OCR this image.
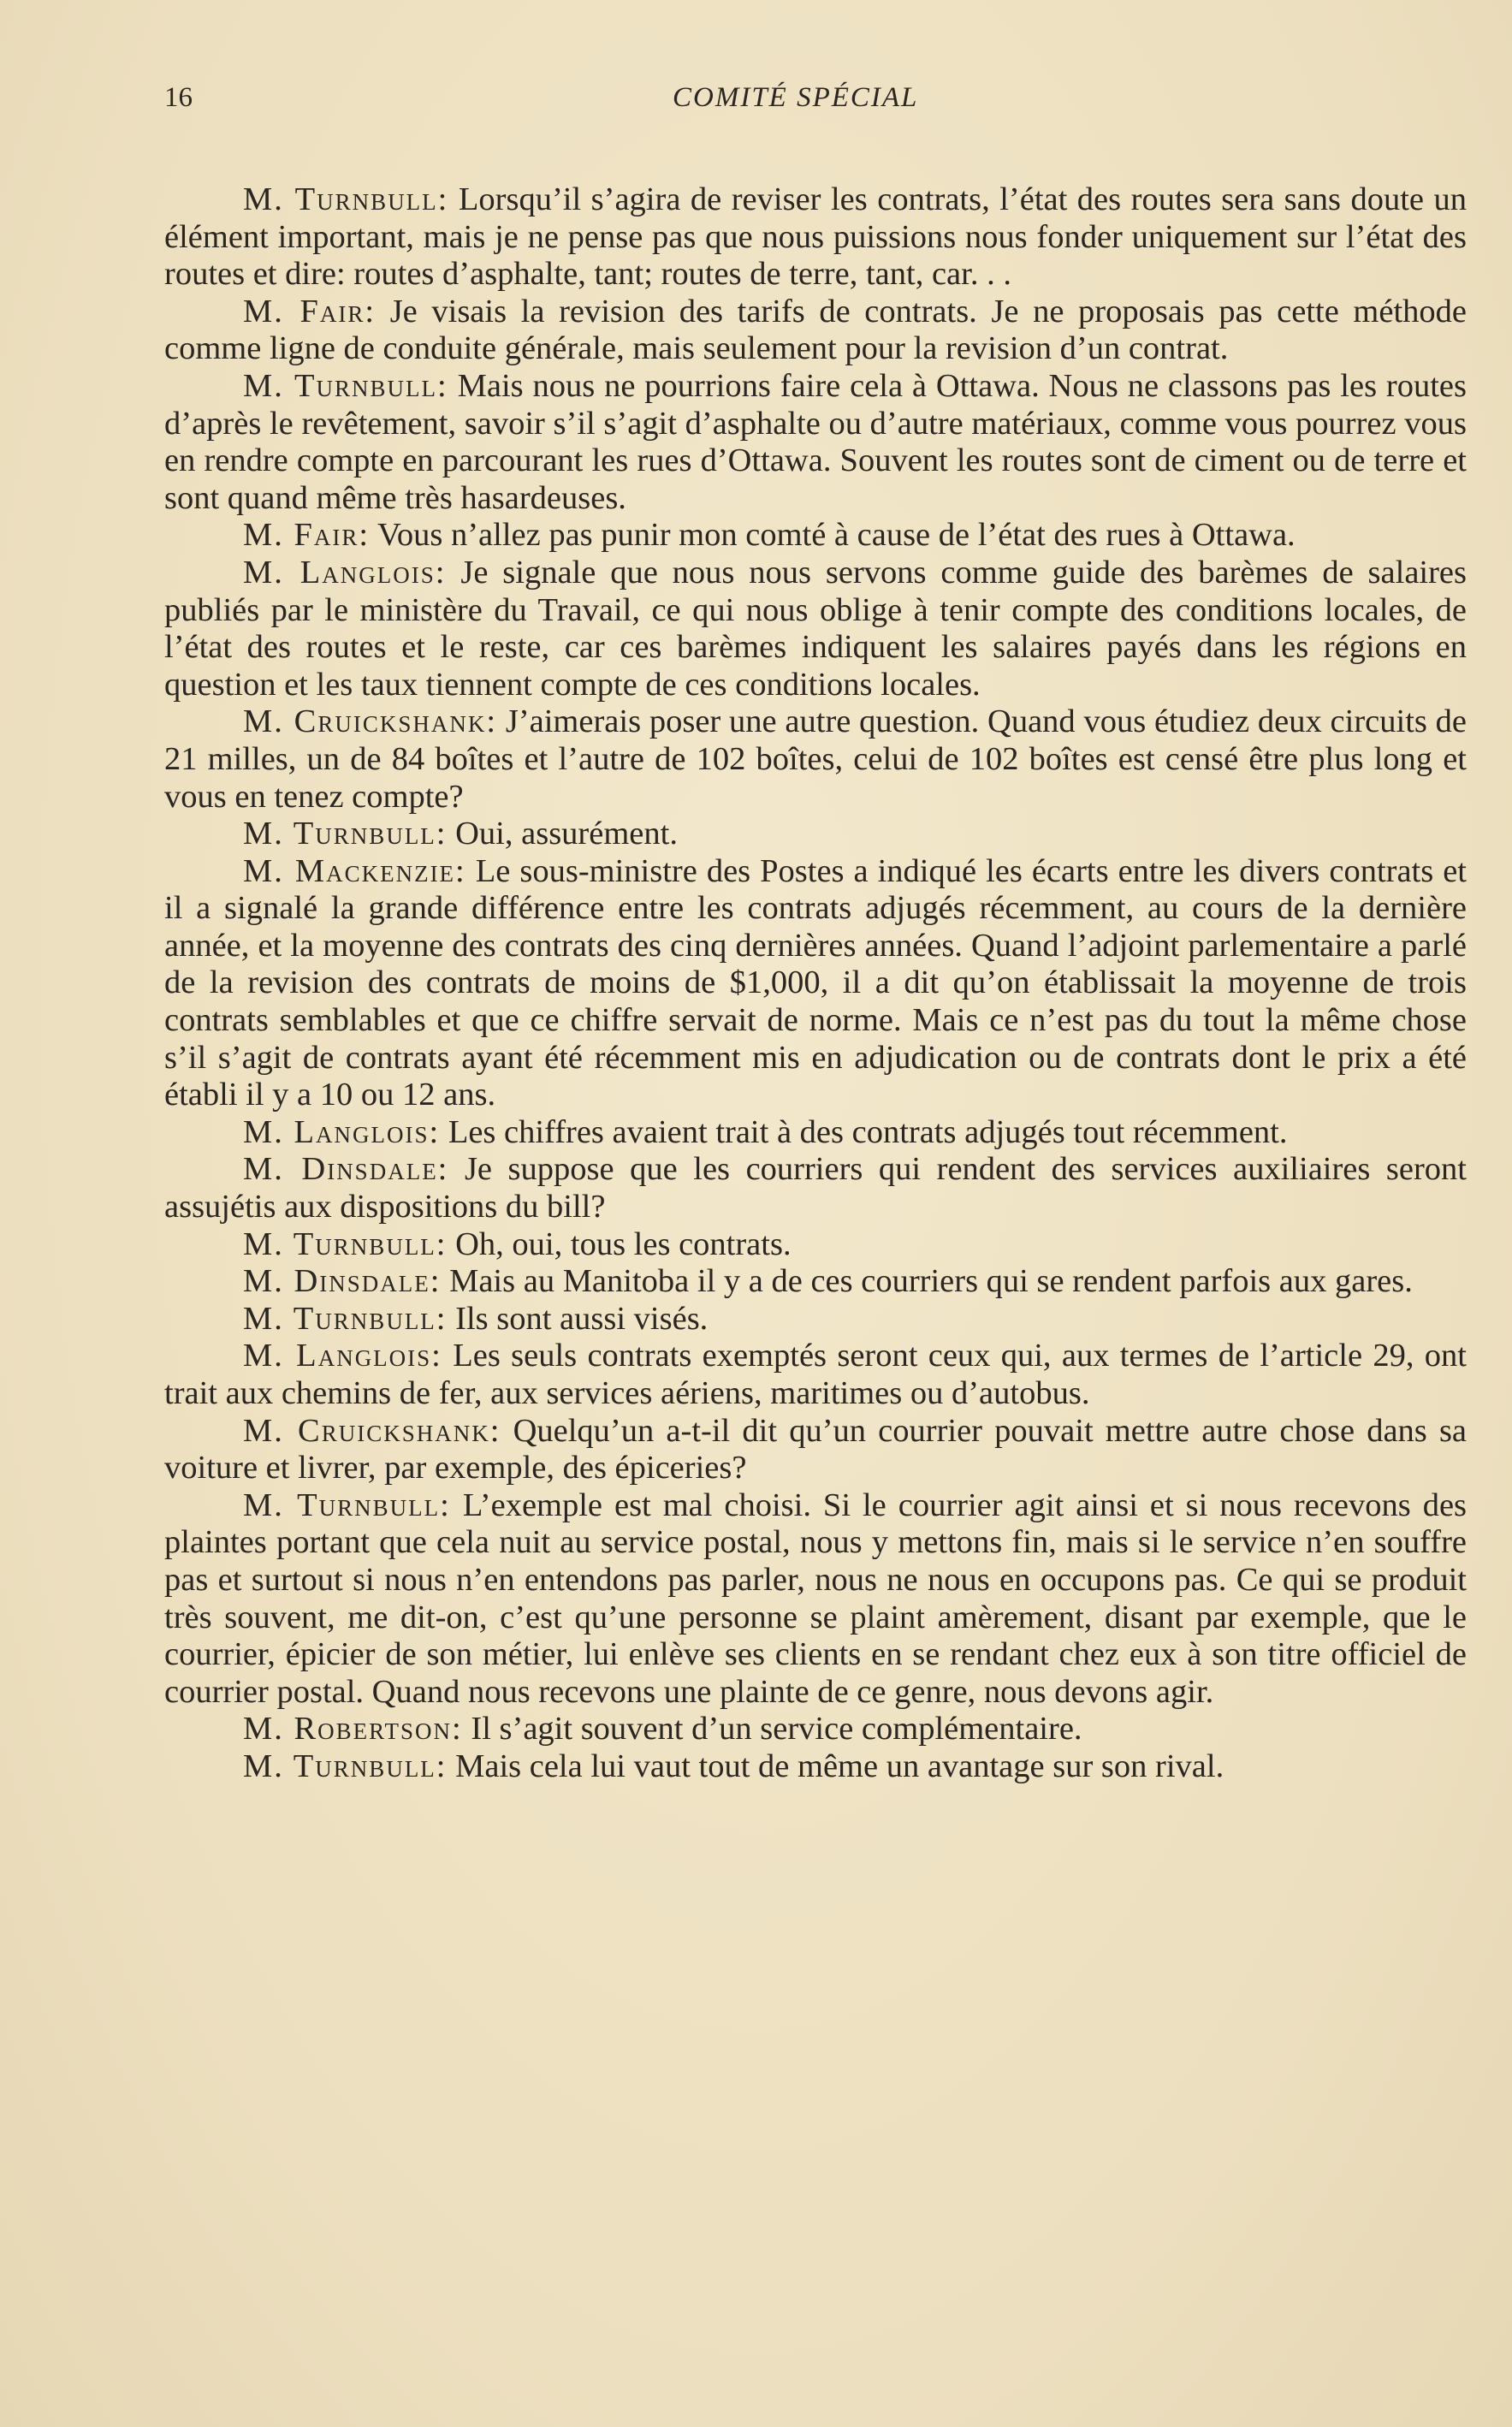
16	COMITÉ SPÉCIAL

M. Turnbull: Lorsqu’il s’agira de reviser les contrats, l’état des routes sera sans doute un élément important, mais je ne pense pas que nous puissions nous fonder uniquement sur l’état des routes et dire: routes d’asphalte, tant; routes de terre, tant, car. . .

M. Fair: Je visais la revision des tarifs de contrats. Je ne proposais pas cette méthode comme ligne de conduite générale, mais seulement pour la revision d’un contrat.

M. Turnbull: Mais nous ne pourrions faire cela à Ottawa. Nous ne classons pas les routes d’après le revêtement, savoir s’il s’agit d’asphalte ou d’autre matériaux, comme vous pourrez vous en rendre compte en parcourant les rues d’Ottawa. Souvent les routes sont de ciment ou de terre et sont quand même très hasardeuses.

M. Fair: Vous n’allez pas punir mon comté à cause de l’état des rues à Ottawa.

M. Langlois: Je signale que nous nous servons comme guide des barèmes de salaires publiés par le ministère du Travail, ce qui nous oblige à tenir compte des conditions locales, de l’état des routes et le reste, car ces barèmes indiquent les salaires payés dans les régions en question et les taux tiennent compte de ces conditions locales.

M. Cruickshank: J’aimerais poser une autre question. Quand vous étudiez deux circuits de 21 milles, un de 84 boîtes et l’autre de 102 boîtes, celui de 102 boîtes est censé être plus long et vous en tenez compte?

M. Turnbull: Oui, assurément.

M. Mackenzie: Le sous-ministre des Postes a indiqué les écarts entre les divers contrats et il a signalé la grande différence entre les contrats adjugés récemment, au cours de la dernière année, et la moyenne des contrats des cinq dernières années. Quand l’adjoint parlementaire a parlé de la revision des contrats de moins de $1,000, il a dit qu’on établissait la moyenne de trois contrats semblables et que ce chiffre servait de norme. Mais ce n’est pas du tout la même chose s’il s’agit de contrats ayant été récemment mis en adjudication ou de contrats dont le prix a été établi il y a 10 ou 12 ans.

M. Langlois: Les chiffres avaient trait à des contrats adjugés tout récemment.

M. Dinsdale: Je suppose que les courriers qui rendent des services auxiliaires seront assujétis aux dispositions du bill?

M. Turnbull: Oh, oui, tous les contrats.

M. Dinsdale: Mais au Manitoba il y a de ces courriers qui se rendent parfois aux gares.

M. Turnbull: Ils sont aussi visés.

M. Langlois: Les seuls contrats exemptés seront ceux qui, aux termes de l’article 29, ont trait aux chemins de fer, aux services aériens, maritimes ou d’autobus.

M. Cruickshank: Quelqu’un a-t-il dit qu’un courrier pouvait mettre autre chose dans sa voiture et livrer, par exemple, des épiceries?

M. Turnbull: L’exemple est mal choisi. Si le courrier agit ainsi et si nous recevons des plaintes portant que cela nuit au service postal, nous y mettons fin, mais si le service n’en souffre pas et surtout si nous n’en entendons pas parler, nous ne nous en occupons pas. Ce qui se produit très souvent, me dit-on, c’est qu’une personne se plaint amèrement, disant par exemple, que le courrier, épicier de son métier, lui enlève ses clients en se rendant chez eux à son titre officiel de courrier postal. Quand nous recevons une plainte de ce genre, nous devons agir.

M. Robertson: Il s’agit souvent d’un service complémentaire.

M. Turnbull: Mais cela lui vaut tout de même un avantage sur son rival.
